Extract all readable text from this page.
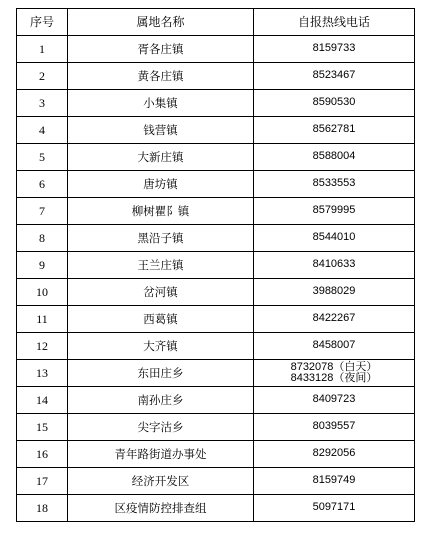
序号	属地名称	自报热线电话
1	胥各庄镇	8159733

2	黄各庄镇	8523467

3	小集镇	8590530

4	钱营镇	8562781

5	大新庄镇	8588004

6	唐坊镇	8533553

7	柳树瞿阝镇	8579995

8	黑沿子镇	8544010

9	王兰庄镇	8410633

10	岔河镇	3988029

11	西葛镇	8422267

12	大齐镇	8458007

13	东田庄乡	8732078（白天）
8433128（夜间）

14	南孙庄乡	8409723

15	尖字沽乡	8039557

16	青年路街道办事处	8292056

17	经济开发区	8159749

18	区疫情防控排查组	5097171
